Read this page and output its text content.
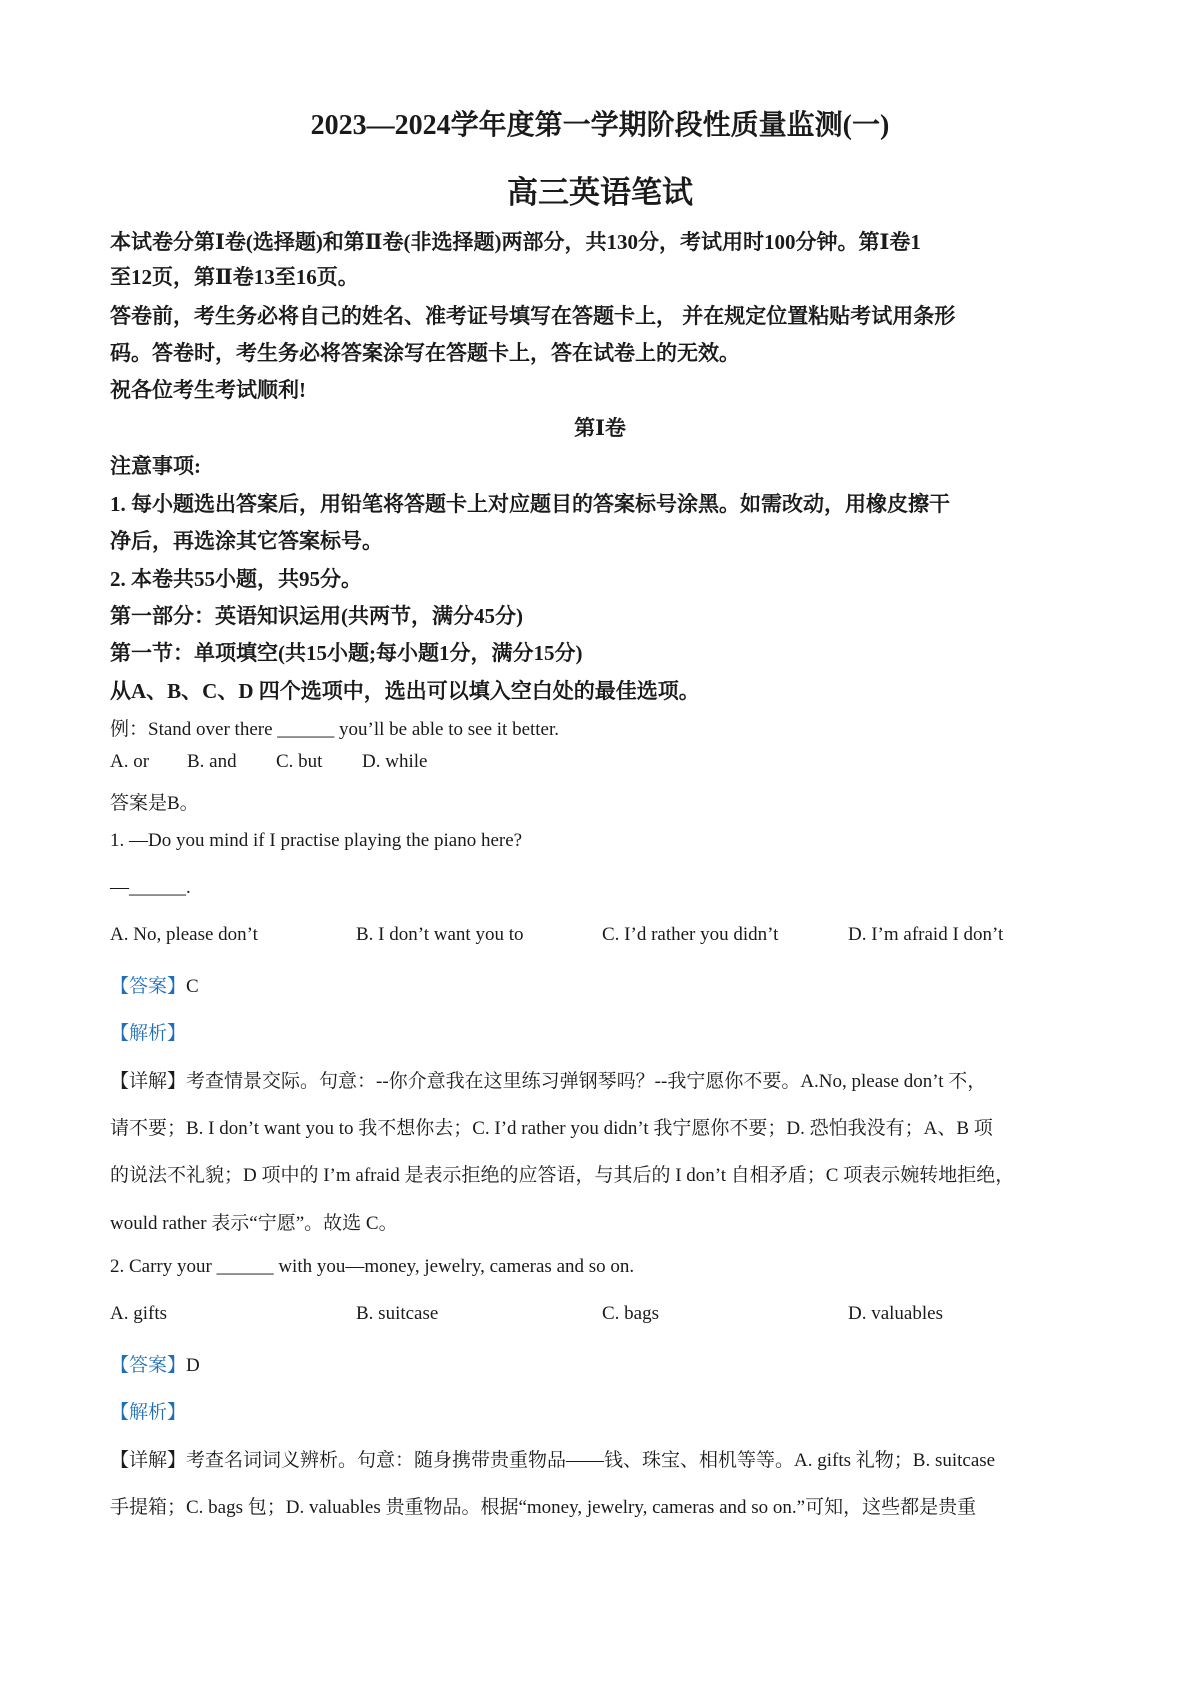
2023—2024学年度第一学期阶段性质量监测(一)
高三英语笔试
本试卷分第Ⅰ卷(选择题)和第Ⅱ卷(非选择题)两部分，共130分，考试用时100分钟。第Ⅰ卷1
至12页，第Ⅱ卷13至16页。
答卷前，考生务必将自己的姓名、准考证号填写在答题卡上， 并在规定位置粘贴考试用条形
码。答卷时，考生务必将答案涂写在答题卡上，答在试卷上的无效。
祝各位考生考试顺利!
第Ⅰ卷
注意事项:
1. 每小题选出答案后，用铅笔将答题卡上对应题目的答案标号涂黑。如需改动，用橡皮擦干
净后，再选涂其它答案标号。
2. 本卷共55小题，共95分。
第一部分：英语知识运用(共两节，满分45分)
第一节：单项填空(共15小题;每小题1分，满分15分)
从A、B、C、D 四个选项中，选出可以填入空白处的最佳选项。
例：Stand over there ______ you’ll be able to see it better.
A. or B. and C. but D. while
答案是B。
1. —Do you mind if I practise playing the piano here?
—______.
A. No, please don’t	B. I don’t want you to	C. I’d rather you didn’t	D. I’m afraid I don’t
【答案】C
【解析】
【详解】考查情景交际。句意：--你介意我在这里练习弹钢琴吗？--我宁愿你不要。A.No, please don’t 不，
请不要；B. I don’t want you to 我不想你去；C. I’d rather you didn’t 我宁愿你不要；D. 恐怕我没有；A、B 项
的说法不礼貌；D 项中的 I’m afraid 是表示拒绝的应答语，与其后的 I don’t 自相矛盾；C 项表示婉转地拒绝，
would rather 表示“宁愿”。故选 C。
2. Carry your ______ with you—money, jewelry, cameras and so on.
A. gifts	B. suitcase	C. bags	D. valuables
【答案】D
【解析】
【详解】考查名词词义辨析。句意：随身携带贵重物品——钱、珠宝、相机等等。A. gifts 礼物；B. suitcase
手提箱；C. bags 包；D. valuables 贵重物品。根据“money, jewelry, cameras and so on.”可知，这些都是贵重
